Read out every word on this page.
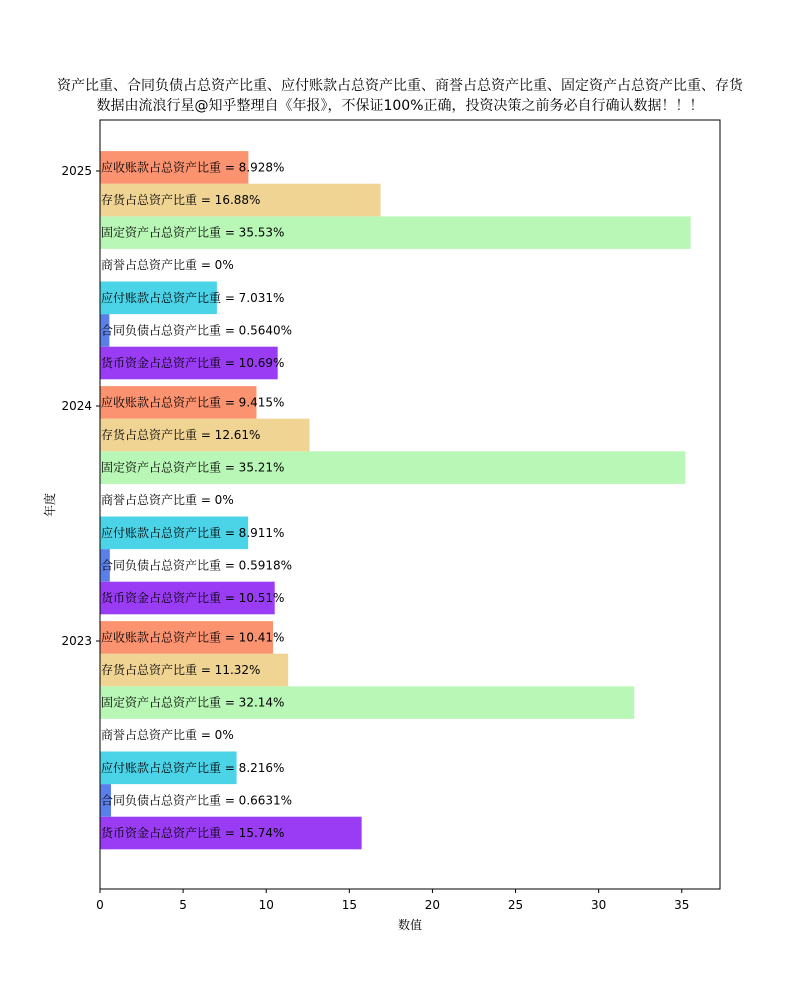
资产比重、合同负债占总资产比重、应付账款占总资产比重、商誉占总资产比重、固定资产占总资产比重、存货
数据由流浪行星@知乎整理自《年报》，不保证100%正确，投资决策之前务必自行确认数据！！！
0	5	10	15	20	25	30	35
2023
2024
2025
货币资金占总资产比重 = 15.74%
合同负债占总资产比重 = 0.6631%
应付账款占总资产比重 = 8.216%
商誉占总资产比重 = 0%
固定资产占总资产比重 = 32.14%
存货占总资产比重 = 11.32%
应收账款占总资产比重 = 10.41%
货币资金占总资产比重 = 10.51%
合同负债占总资产比重 = 0.5918%
应付账款占总资产比重 = 8.911%
商誉占总资产比重 = 0%
固定资产占总资产比重 = 35.21%
存货占总资产比重 = 12.61%
应收账款占总资产比重 = 9.415%
货币资金占总资产比重 = 10.69%
合同负债占总资产比重 = 0.5640%
应付账款占总资产比重 = 7.031%
商誉占总资产比重 = 0%
固定资产占总资产比重 = 35.53%
存货占总资产比重 = 16.88%
应收账款占总资产比重 = 8.928%
数值
年度
